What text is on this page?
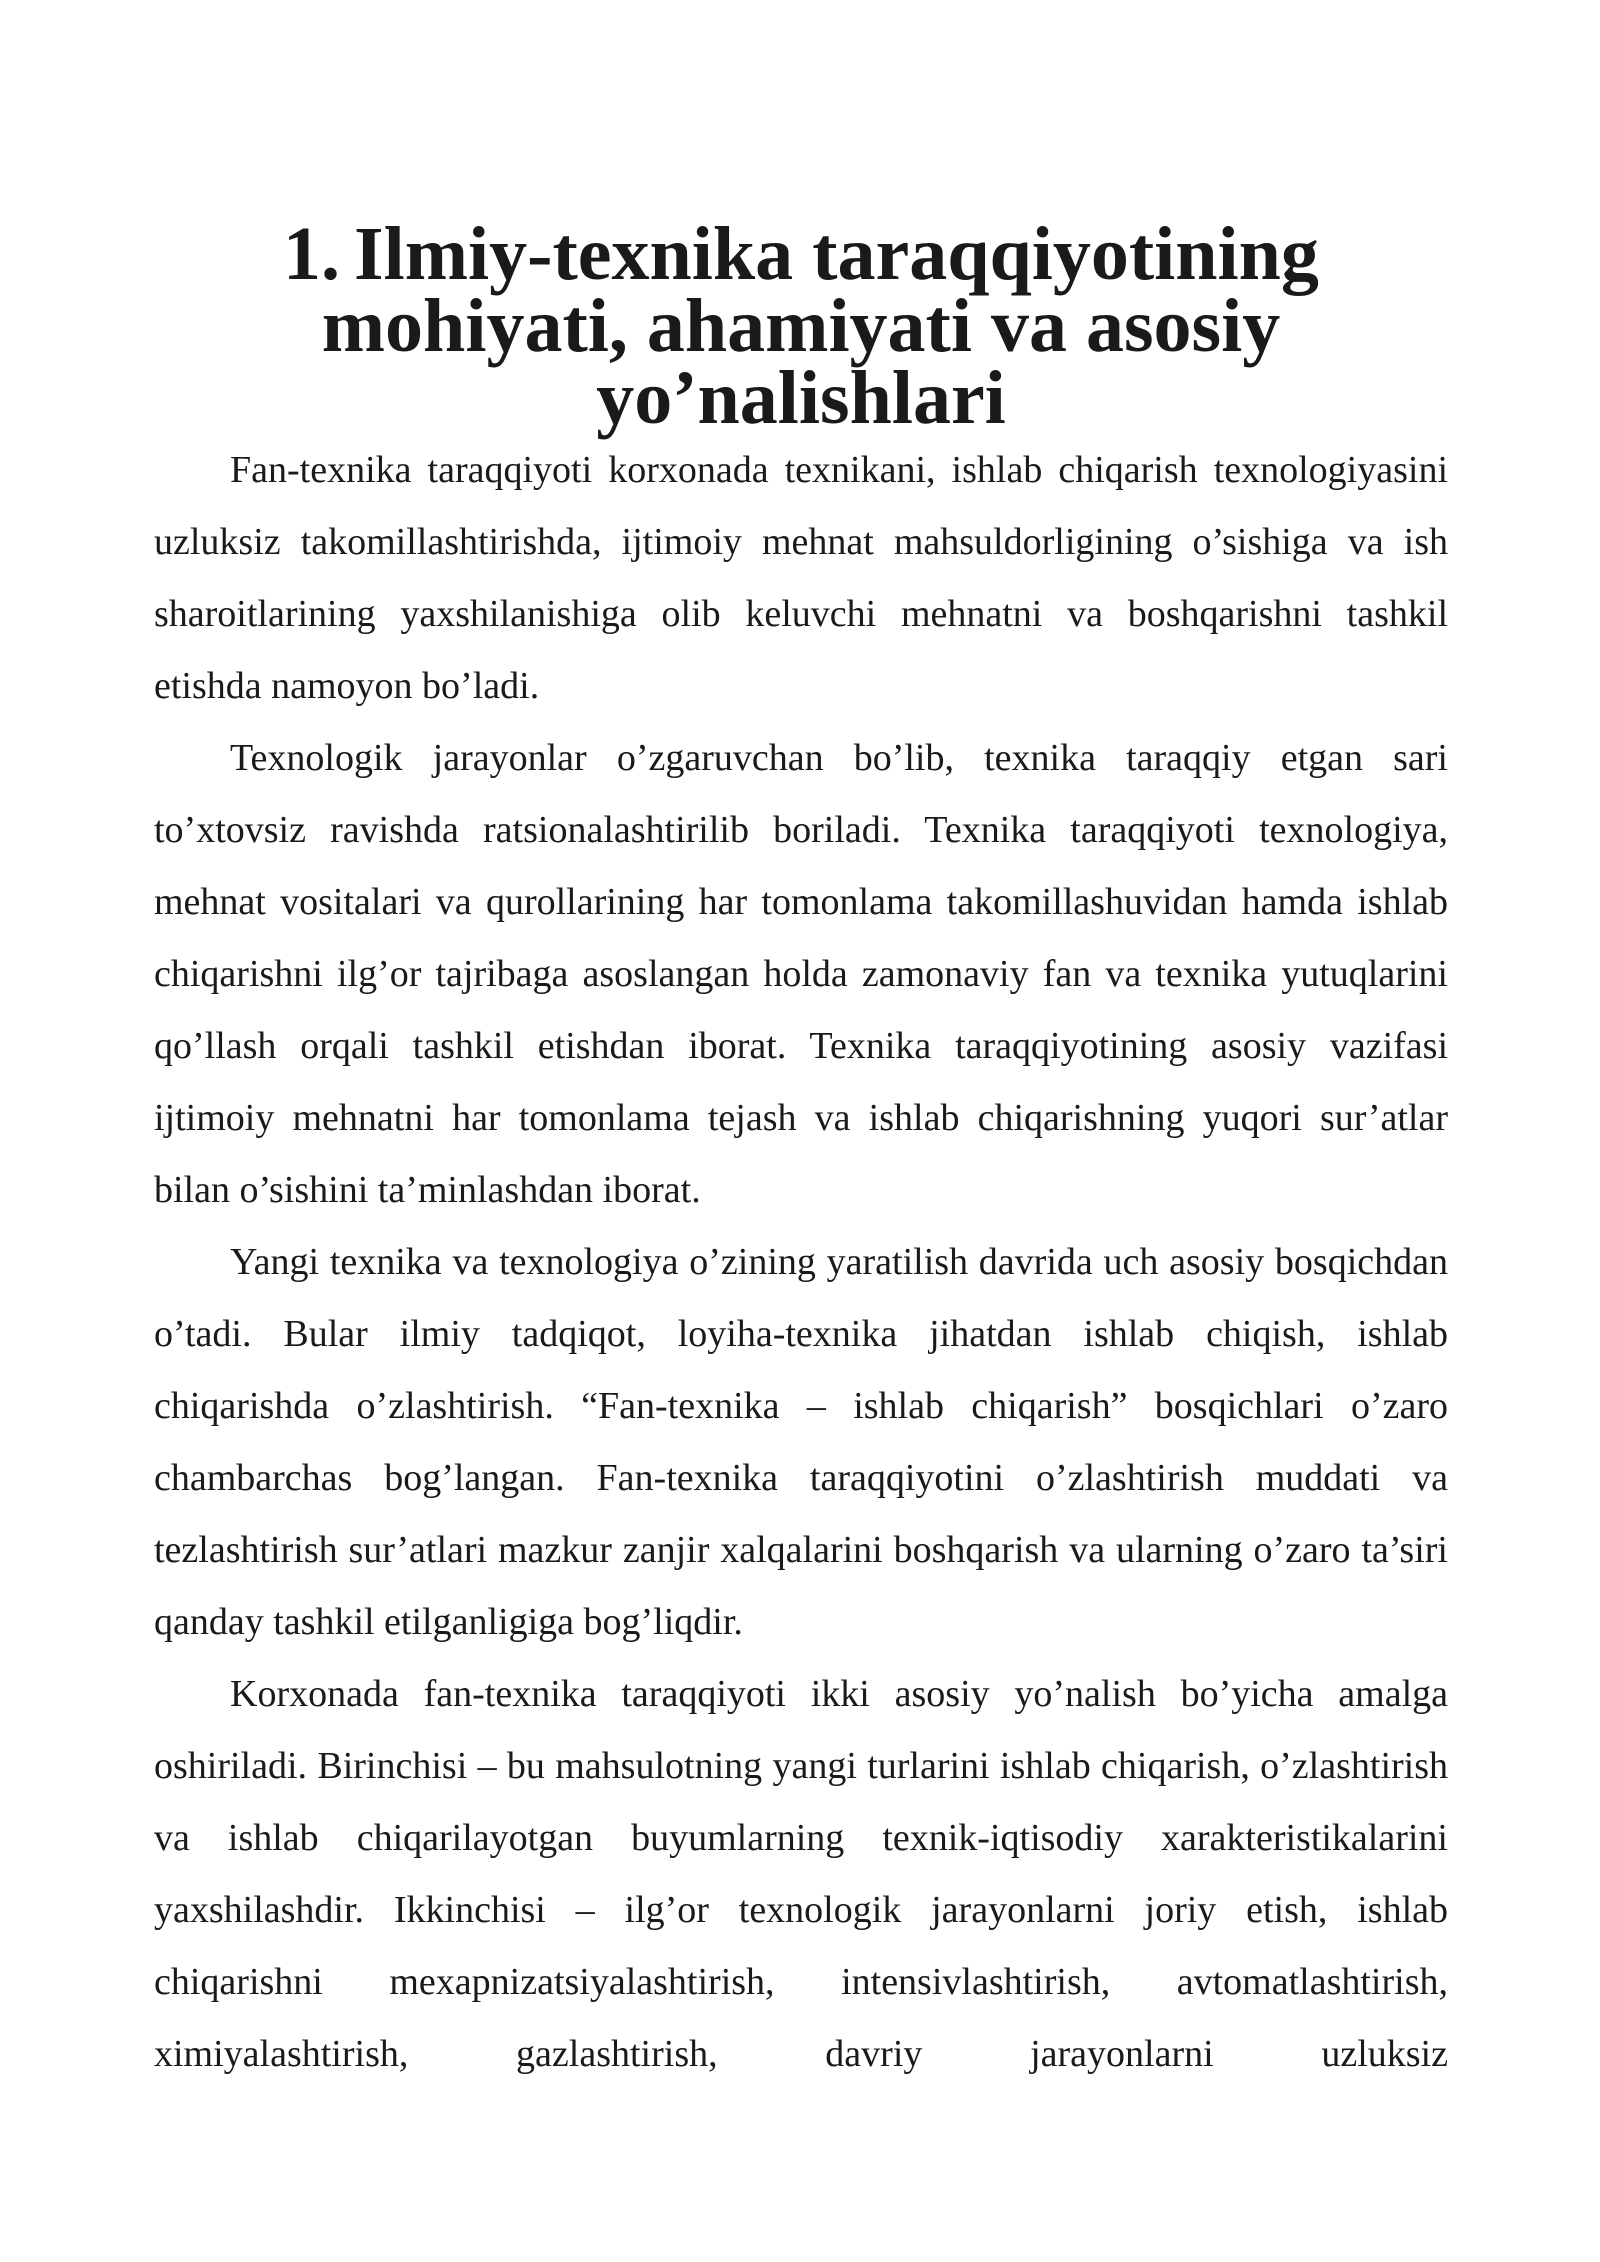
1. Ilmiy-texnika taraqqiyotining mohiyati, ahamiyati va asosiy yo’nalishlari

Fan-texnika taraqqiyoti korxonada texnikani, ishlab chiqarish texnologiyasini uzluksiz takomillashtirishda, ijtimoiy mehnat mahsuldorligining o’sishiga va ish sharoitlarining yaxshilanishiga olib keluvchi mehnatni va boshqarishni tashkil etishda namoyon bo’ladi.

Texnologik jarayonlar o’zgaruvchan bo’lib, texnika taraqqiy etgan sari to’xtovsiz ravishda ratsionalashtirilib boriladi. Texnika taraqqiyoti texnologiya, mehnat vositalari va qurollarining har tomonlama takomillashuvidan hamda ishlab chiqarishni ilg’or tajribaga asoslangan holda zamonaviy fan va texnika yutuqlarini qo’llash orqali tashkil etishdan iborat. Texnika taraqqiyotining asosiy vazifasi ijtimoiy mehnatni har tomonlama tejash va ishlab chiqarishning yuqori sur’atlar bilan o’sishini ta’minlashdan iborat.

Yangi texnika va texnologiya o’zining yaratilish davrida uch asosiy bosqichdan o’tadi. Bular ilmiy tadqiqot, loyiha-texnika jihatdan ishlab chiqish, ishlab chiqarishda o’zlashtirish. “Fan-texnika – ishlab chiqarish” bosqichlari o’zaro chambarchas bog’langan. Fan-texnika taraqqiyotini o’zlashtirish muddati va tezlashtirish sur’atlari mazkur zanjir xalqalarini boshqarish va ularning o’zaro ta’siri qanday tashkil etilganligiga bog’liqdir.

Korxonada fan-texnika taraqqiyoti ikki asosiy yo’nalish bo’yicha amalga oshiriladi. Birinchisi – bu mahsulotning yangi turlarini ishlab chiqarish, o’zlashtirish va ishlab chiqarilayotgan buyumlarning texnik-iqtisodiy xarakteristikalarini yaxshilashdir. Ikkinchisi – ilg’or texnologik jarayonlarni joriy etish, ishlab chiqarishni mexapnizatsiyalashtirish, intensivlashtirish, avtomatlashtirish, ximiyalashtirish, gazlashtirish, davriy jarayonlarni uzluksiz
